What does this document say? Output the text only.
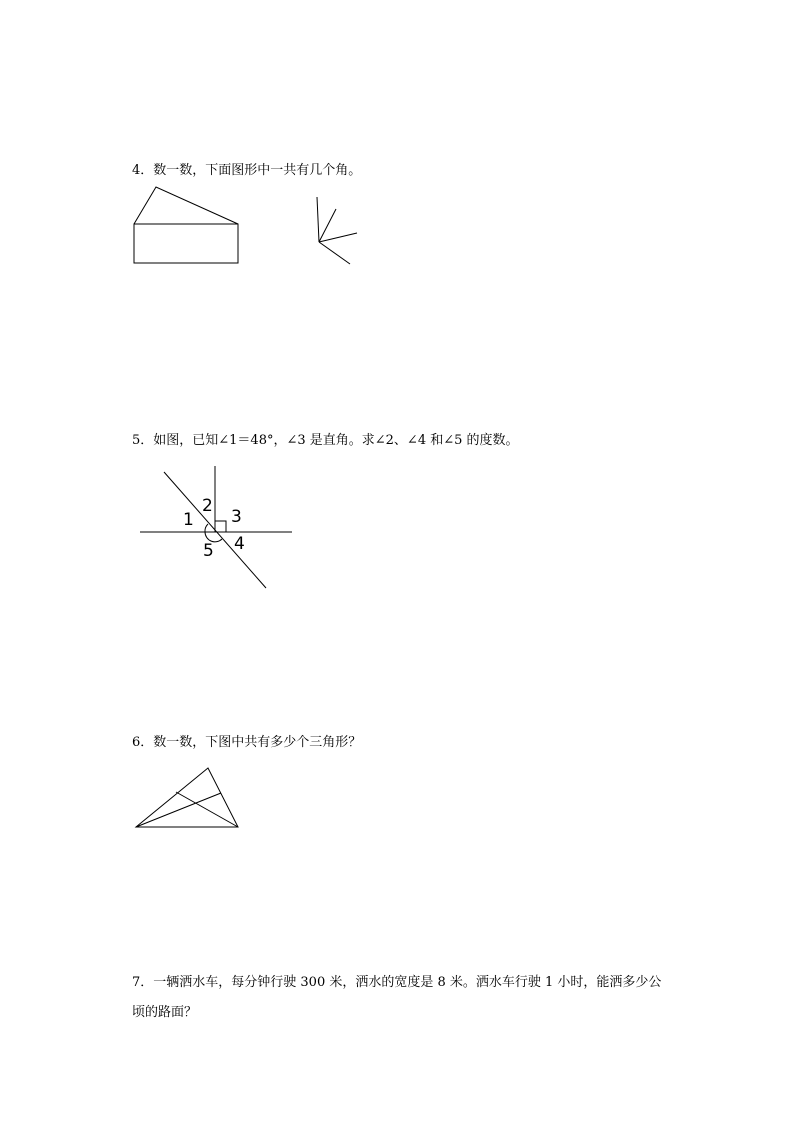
4．数一数，下面图形中一共有几个角。
5．如图，已知∠1＝48°，∠3 是直角。求∠2、∠4 和∠5 的度数。
1
2
3
4
5
6．数一数，下图中共有多少个三角形？
7．一辆洒水车，每分钟行驶 300 米，洒水的宽度是 8 米。洒水车行驶 1 小时，能洒多少公顷的路面？
